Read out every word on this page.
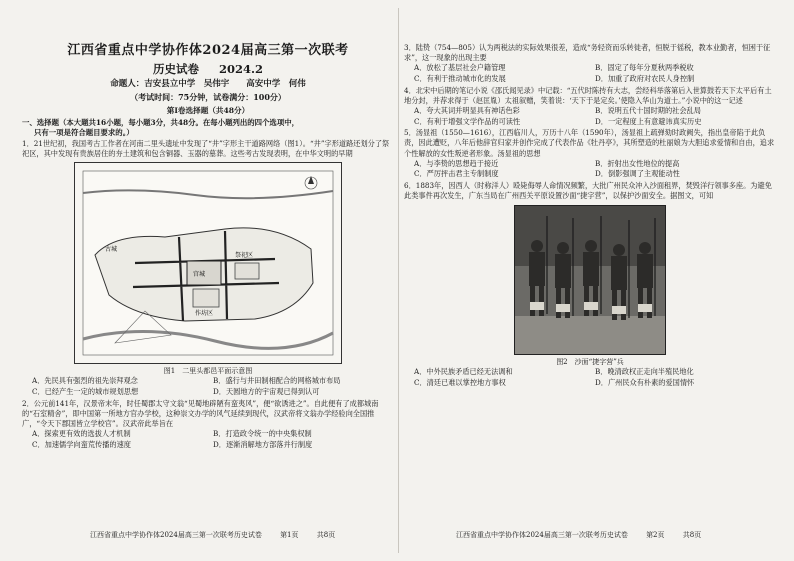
江西省重点中学协作体2024届高三第一次联考
历史试卷 2024.2
命题人：吉安县立中学　吴伟宇　　高安中学　何伟
（考试时间：75分钟，试卷满分：100分）
第Ⅰ卷选择题（共48分）
一、选择题（本大题共16小题，每小题3分，共48分。在每小题列出的四个选项中，
只有一项是符合题目要求的。）
1．21世纪初，我国考古工作者在河南二里头遗址中发现了“井”字形主干道路网络（图1）。“井”字形道路还划分了祭祀区，其中发现有贵族居住的夯土建筑和包含铜器、玉器的墓葬。这些考古发现表明，在中华文明的早期
宫城
祭祀区
作坊区
古城
图1　二里头都邑平面示意图
A．先民具有强烈的祖先崇拜观念	B．盛行与井田制相配合的网格城市布局
C．已经产生一定的城市规划思想	D．天圆地方的宇宙观已得到认可
2．公元前141年，汉景帝末年，时任蜀郡太守文翁“见蜀地辟陋有蛮夷风”，便“欲诱进之”。自此便有了成都城南的“石室精舍”，即中国第一所地方官办学校，这种崇文办学的风气延续到现代，汉武帝将文翁办学经验向全国推广，“令天下郡国皆立学校官”。汉武帝此举旨在
A．探索更有效的选拔人才机制	B．打造政令统一的中央集权制
C．加速儒学向蛮荒传播的速度	D．逐渐消解地方部落并行制度
江西省重点中学协作体2024届高三第一次联考历史试卷	第1页	共8页
3．陆贽（754—805）认为两税法的实际效果很差，造成“务轻资而乐转徙者，恒脱于徭税，教本业勤者，恒困于征求”，这一现象的出现主要
A．放松了基层社会户籍管理	B．固定了每年分夏秋两季税收
C．有利于推动城市化的发展	D．加重了政府对农民人身控制
4．北宋中后期的笔记小说《邵氏闻见录》中记载：“五代时陈抟有大志，尝经科举落第后入世算鼓若天下太平后有土地分封，并荐求得于（赵匡胤）太祖叙赠，笑着说：‘天下于是定矣。’使隐入华山为道士。”小说中的这一记述
A．夸大其词并明显具有神话色彩	B．说明五代十国时期的社会乱局
C．有利于增强文学作品的可读性	D．一定程度上有意避讳真实历史
5．汤显祖（1550—1616），江西临川人，万历十八年（1590年），汤显祖上疏弹劾时政阙失，指出皇帝陷于此负责，因此遭贬，八年后他辞官归家并创作完成了代表作品《牡丹亭》，其所塑造的杜丽娘为大胆追求爱情和自由，追求个性解放的女性叛逆者形象。汤显祖的思想
A．与李贽的思想趋于接近	B．折射出女性地位的提高
C．严厉抨击君主专制制度	D．倒影强调了主观能动性
6．1883年，因西人（时称洋人）殴毙侮辱人命情况频繁，大批广州民众冲入沙面租界，焚毁洋行领事多座。为避免此类事件再次发生，广东当局在广州西关平原设置沙面“捷字营”，以保护沙面安全。据图文，可知
图2　沙面“捷字营”兵
A．中外民族矛盾已经无法调和	B．晚清政权正走向半殖民地化
C．清廷已难以掌控地方事权	D．广州民众有朴素的爱国情怀
江西省重点中学协作体2024届高三第一次联考历史试卷	第2页	共8页
